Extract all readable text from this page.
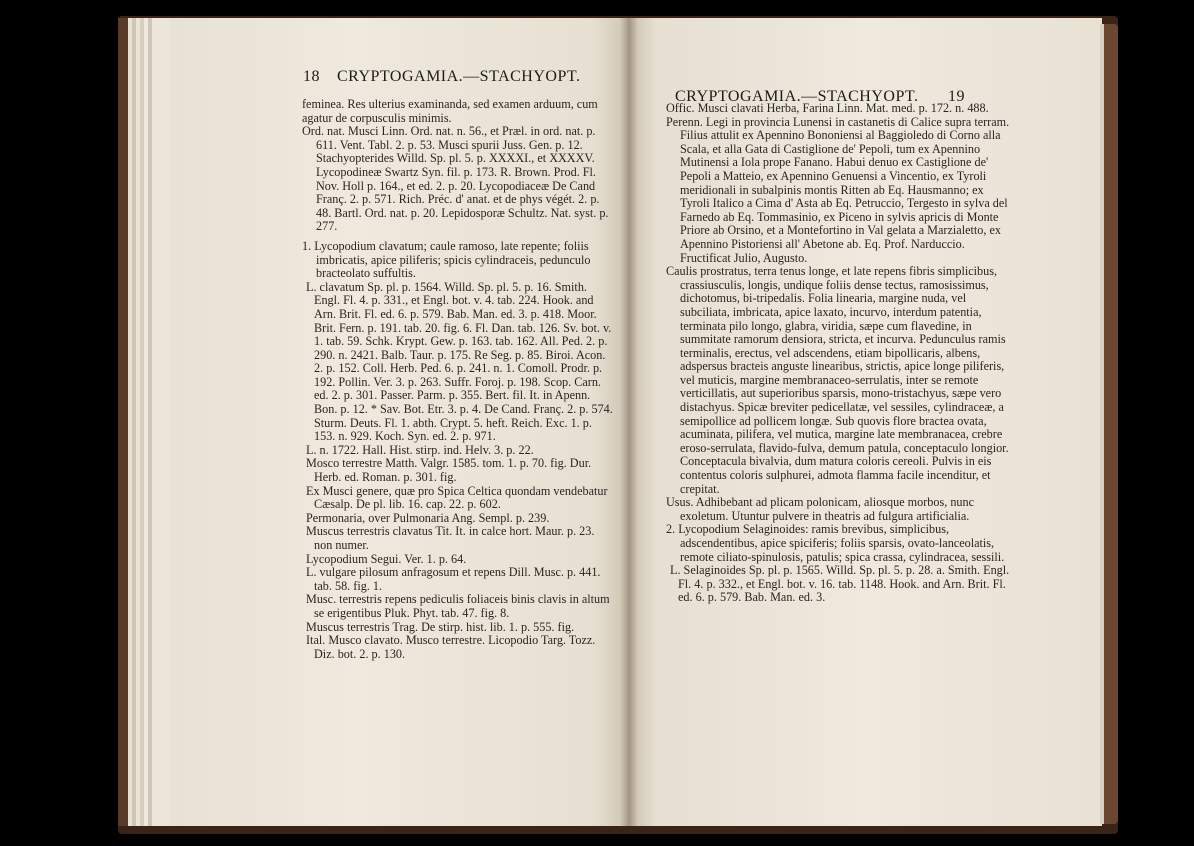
18 CRYPTOGAMIA.—STACHYOPT.

feminea. Res ulterius examinanda, sed examen arduum, cum agatur de corpusculis minimis.

Ord. nat. Musci Linn. Ord. nat. n. 56., et Præl. in ord. nat. p. 611. Vent. Tabl. 2. p. 53. Musci spurii Juss. Gen. p. 12. Stachyopterides Willd. Sp. pl. 5. p. XXXXI., et XXXXV. Lycopodineæ Swartz Syn. fil. p. 173. R. Brown. Prod. Fl. Nov. Holl p. 164., et ed. 2. p. 20. Lycopodiaceæ De Cand Franç. 2. p. 571. Rich. Préc. d' anat. et de phys végét. 2. p. 48. Bartl. Ord. nat. p. 20. Lepidosporæ Schultz. Nat. syst. p. 277.

1. Lycopodium clavatum; caule ramoso, late repente; foliis imbricatis, apice piliferis; spicis cylindraceis, pedunculo bracteolato suffultis.

L. clavatum Sp. pl. p. 1564. Willd. Sp. pl. 5. p. 16. Smith. Engl. Fl. 4. p. 331., et Engl. bot. v. 4. tab. 224. Hook. and Arn. Brit. Fl. ed. 6. p. 579. Bab. Man. ed. 3. p. 418. Moor. Brit. Fern. p. 191. tab. 20. fig. 6. Fl. Dan. tab. 126. Sv. bot. v. 1. tab. 59. Schk. Krypt. Gew. p. 163. tab. 162. All. Ped. 2. p. 290. n. 2421. Balb. Taur. p. 175. Re Seg. p. 85. Biroi. Acon. 2. p. 152. Coll. Herb. Ped. 6. p. 241. n. 1. Comoll. Prodr. p. 192. Pollin. Ver. 3. p. 263. Suffr. Foroj. p. 198. Scop. Carn. ed. 2. p. 301. Passer. Parm. p. 355. Bert. fil. It. in Apenn. Bon. p. 12. * Sav. Bot. Etr. 3. p. 4. De Cand. Franç. 2. p. 574. Sturm. Deuts. Fl. 1. abth. Crypt. 5. heft. Reich. Exc. 1. p. 153. n. 929. Koch. Syn. ed. 2. p. 971.

L. n. 1722. Hall. Hist. stirp. ind. Helv. 3. p. 22.

Mosco terrestre Matth. Valgr. 1585. tom. 1. p. 70. fig. Dur. Herb. ed. Roman. p. 301. fig.

Ex Musci genere, quæ pro Spica Celtica quondam vendebatur Cæsalp. De pl. lib. 16. cap. 22. p. 602.

Permonaria, over Pulmonaria Ang. Sempl. p. 239.

Muscus terrestris clavatus Tit. It. in calce hort. Maur. p. 23. non numer.

Lycopodium Segui. Ver. 1. p. 64.

L. vulgare pilosum anfragosum et repens Dill. Musc. p. 441. tab. 58. fig. 1.

Musc. terrestris repens pediculis foliaceis binis clavis in altum se erigentibus Pluk. Phyt. tab. 47. fig. 8.

Muscus terrestris Trag. De stirp. hist. lib. 1. p. 555. fig.

Ital. Musco clavato. Musco terrestre. Licopodio Targ. Tozz. Diz. bot. 2. p. 130.

CRYPTOGAMIA.—STACHYOPT. 19

Offic. Musci clavati Herba, Farina Linn. Mat. med. p. 172. n. 488.

Perenn. Legi in provincia Lunensi in castanetis di Calice supra terram. Filius attulit ex Apennino Bononiensi al Baggioledo di Corno alla Scala, et alla Gata di Castiglione de' Pepoli, tum ex Apennino Mutinensi a Iola prope Fanano. Habui denuo ex Castiglione de' Pepoli a Matteio, ex Apennino Genuensi a Vincentio, ex Tyroli meridionali in subalpinis montis Ritten ab Eq. Hausmanno; ex Tyroli Italico a Cima d' Asta ab Eq. Petruccio, Tergesto in sylva del Farnedo ab Eq. Tommasinio, ex Piceno in sylvis apricis di Monte Priore ab Orsino, et a Montefortino in Val gelata a Marzialetto, ex Apennino Pistoriensi all' Abetone ab. Eq. Prof. Narduccio. Fructificat Julio, Augusto.

Caulis prostratus, terra tenus longe, et late repens fibris simplicibus, crassiusculis, longis, undique foliis dense tectus, ramosissimus, dichotomus, bi-tripedalis. Folia linearia, margine nuda, vel subciliata, imbricata, apice laxato, incurvo, interdum patentia, terminata pilo longo, glabra, viridia, sæpe cum flavedine, in summitate ramorum densiora, stricta, et incurva. Pedunculus ramis terminalis, erectus, vel adscendens, etiam bipollicaris, albens, adspersus bracteis anguste linearibus, strictis, apice longe piliferis, vel muticis, margine membranaceo-serrulatis, inter se remote verticillatis, aut superioribus sparsis, mono-tristachyus, sæpe vero distachyus. Spicæ breviter pedicellatæ, vel sessiles, cylindraceæ, a semipollice ad pollicem longæ. Sub quovis flore bractea ovata, acuminata, pilifera, vel mutica, margine late membranacea, crebre eroso-serrulata, flavido-fulva, demum patula, conceptaculo longior. Conceptacula bivalvia, dum matura coloris cereoli. Pulvis in eis contentus coloris sulphurei, admota flamma facile incenditur, et crepitat.

Usus. Adhibebant ad plicam polonicam, aliosque morbos, nunc exoletum. Utuntur pulvere in theatris ad fulgura artificialia.

2. Lycopodium Selaginoides: ramis brevibus, simplicibus, adscendentibus, apice spiciferis; foliis sparsis, ovato-lanceolatis, remote ciliato-spinulosis, patulis; spica crassa, cylindracea, sessili.

L. Selaginoides Sp. pl. p. 1565. Willd. Sp. pl. 5. p. 28. a. Smith. Engl. Fl. 4. p. 332., et Engl. bot. v. 16. tab. 1148. Hook. and Arn. Brit. Fl. ed. 6. p. 579. Bab. Man. ed. 3.
